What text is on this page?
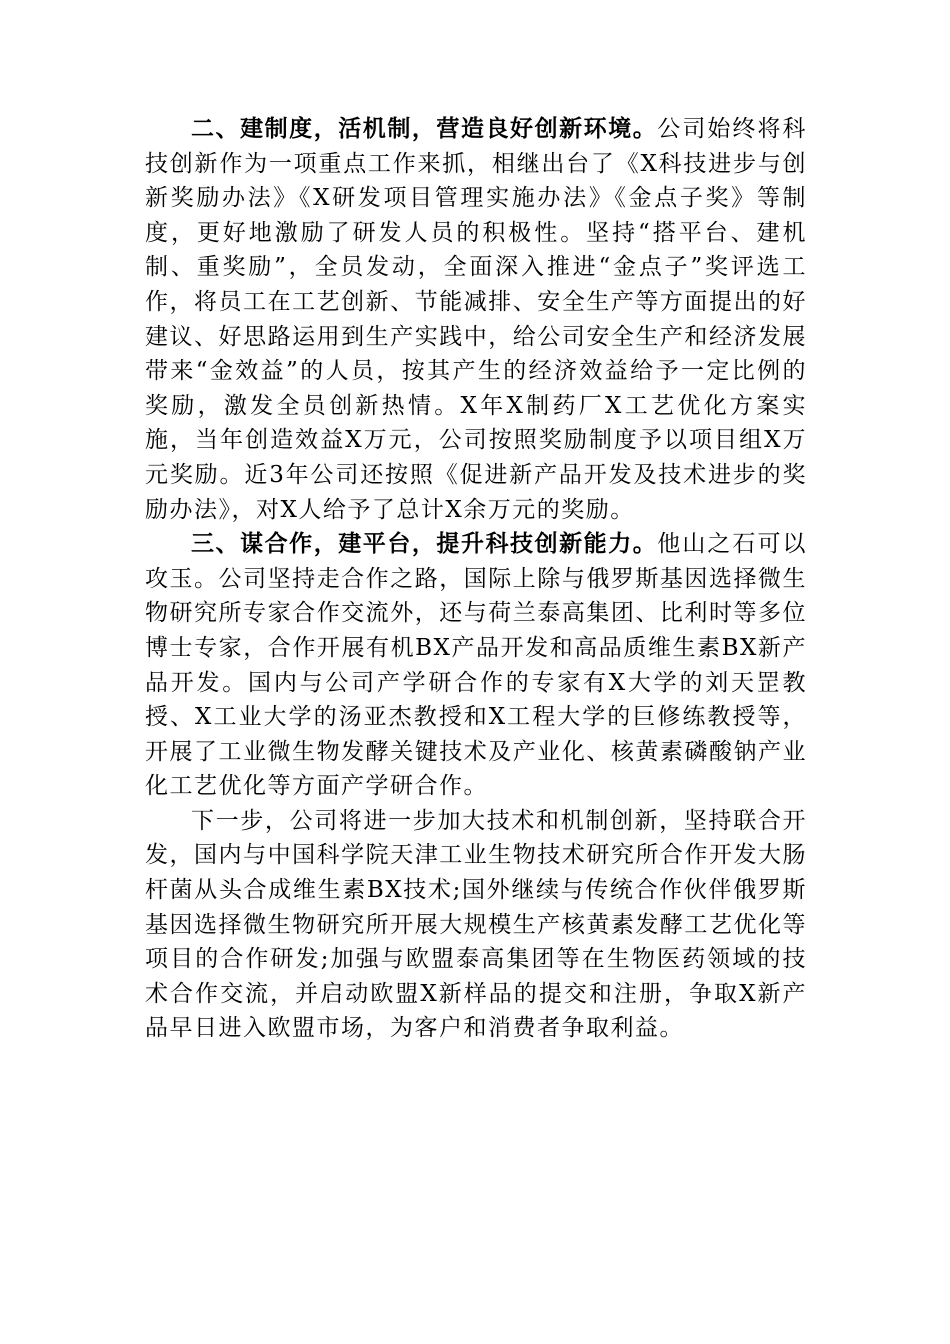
二、建制度，活机制，营造良好创新环境。公司始终将科技创新作为一项重点工作来抓，相继出台了《X科技进步与创新奖励办法》《X研发项目管理实施办法》《金点子奖》等制度，更好地激励了研发人员的积极性。坚持“搭平台、建机制、重奖励”，全员发动，全面深入推进“金点子”奖评选工作，将员工在工艺创新、节能减排、安全生产等方面提出的好建议、好思路运用到生产实践中，给公司安全生产和经济发展带来“金效益”的人员，按其产生的经济效益给予一定比例的奖励，激发全员创新热情。X年X制药厂X工艺优化方案实施，当年创造效益X万元，公司按照奖励制度予以项目组X万元奖励。近3年公司还按照《促进新产品开发及技术进步的奖励办法》，对X人给予了总计X余万元的奖励。

三、谋合作，建平台，提升科技创新能力。他山之石可以攻玉。公司坚持走合作之路，国际上除与俄罗斯基因选择微生物研究所专家合作交流外，还与荷兰泰高集团、比利时等多位博士专家，合作开展有机BX产品开发和高品质维生素BX新产品开发。国内与公司产学研合作的专家有X大学的刘天罡教授、X工业大学的汤亚杰教授和X工程大学的巨修练教授等，开展了工业微生物发酵关键技术及产业化、核黄素磷酸钠产业化工艺优化等方面产学研合作。

下一步，公司将进一步加大技术和机制创新，坚持联合开发，国内与中国科学院天津工业生物技术研究所合作开发大肠杆菌从头合成维生素BX技术;国外继续与传统合作伙伴俄罗斯基因选择微生物研究所开展大规模生产核黄素发酵工艺优化等项目的合作研发;加强与欧盟泰高集团等在生物医药领域的技术合作交流，并启动欧盟X新样品的提交和注册，争取X新产品早日进入欧盟市场，为客户和消费者争取利益。
